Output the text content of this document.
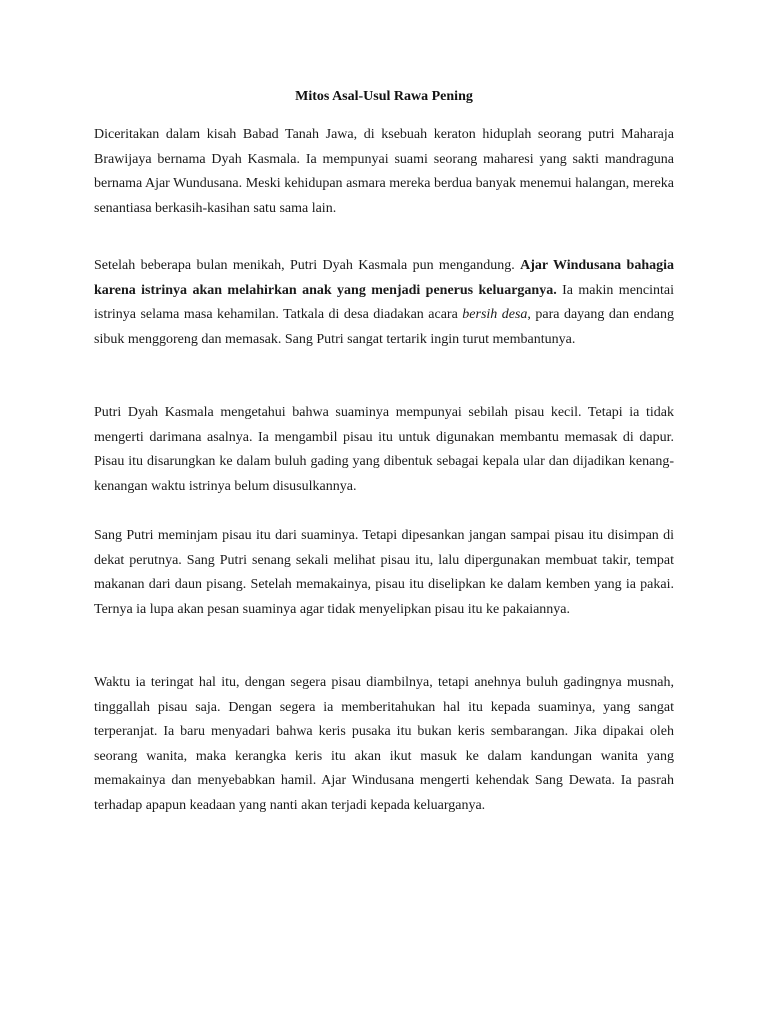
Mitos Asal-Usul Rawa Pening

Diceritakan dalam kisah Babad Tanah Jawa, di ksebuah keraton hiduplah seorang putri Maharaja Brawijaya bernama Dyah Kasmala. Ia mempunyai suami seorang maharesi yang sakti mandraguna bernama Ajar Wundusana. Meski kehidupan asmara mereka berdua banyak menemui halangan, mereka senantiasa berkasih-kasihan satu sama lain.

Setelah beberapa bulan menikah, Putri Dyah Kasmala pun mengandung. Ajar Windusana bahagia karena istrinya akan melahirkan anak yang menjadi penerus keluarganya. Ia makin mencintai istrinya selama masa kehamilan. Tatkala di desa diadakan acara bersih desa, para dayang dan endang sibuk menggoreng dan memasak. Sang Putri sangat tertarik ingin turut membantunya.

Putri Dyah Kasmala mengetahui bahwa suaminya mempunyai sebilah pisau kecil. Tetapi ia tidak mengerti darimana asalnya. Ia mengambil pisau itu untuk digunakan membantu memasak di dapur. Pisau itu disarungkan ke dalam buluh gading yang dibentuk sebagai kepala ular dan dijadikan kenang-kenangan waktu istrinya belum disusulkannya.

Sang Putri meminjam pisau itu dari suaminya. Tetapi dipesankan jangan sampai pisau itu disimpan di dekat perutnya. Sang Putri senang sekali melihat pisau itu, lalu dipergunakan membuat takir, tempat makanan dari daun pisang. Setelah memakainya, pisau itu diselipkan ke dalam kemben yang ia pakai. Ternya ia lupa akan pesan suaminya agar tidak menyelipkan pisau itu ke pakaiannya.

Waktu ia teringat hal itu, dengan segera pisau diambilnya, tetapi anehnya buluh gadingnya musnah, tinggallah pisau saja. Dengan segera ia memberitahukan hal itu kepada suaminya, yang sangat terperanjat. Ia baru menyadari bahwa keris pusaka itu bukan keris sembarangan. Jika dipakai oleh seorang wanita, maka kerangka keris itu akan ikut masuk ke dalam kandungan wanita yang memakainya dan menyebabkan hamil. Ajar Windusana mengerti kehendak Sang Dewata. Ia pasrah terhadap apapun keadaan yang nanti akan terjadi kepada keluarganya.
